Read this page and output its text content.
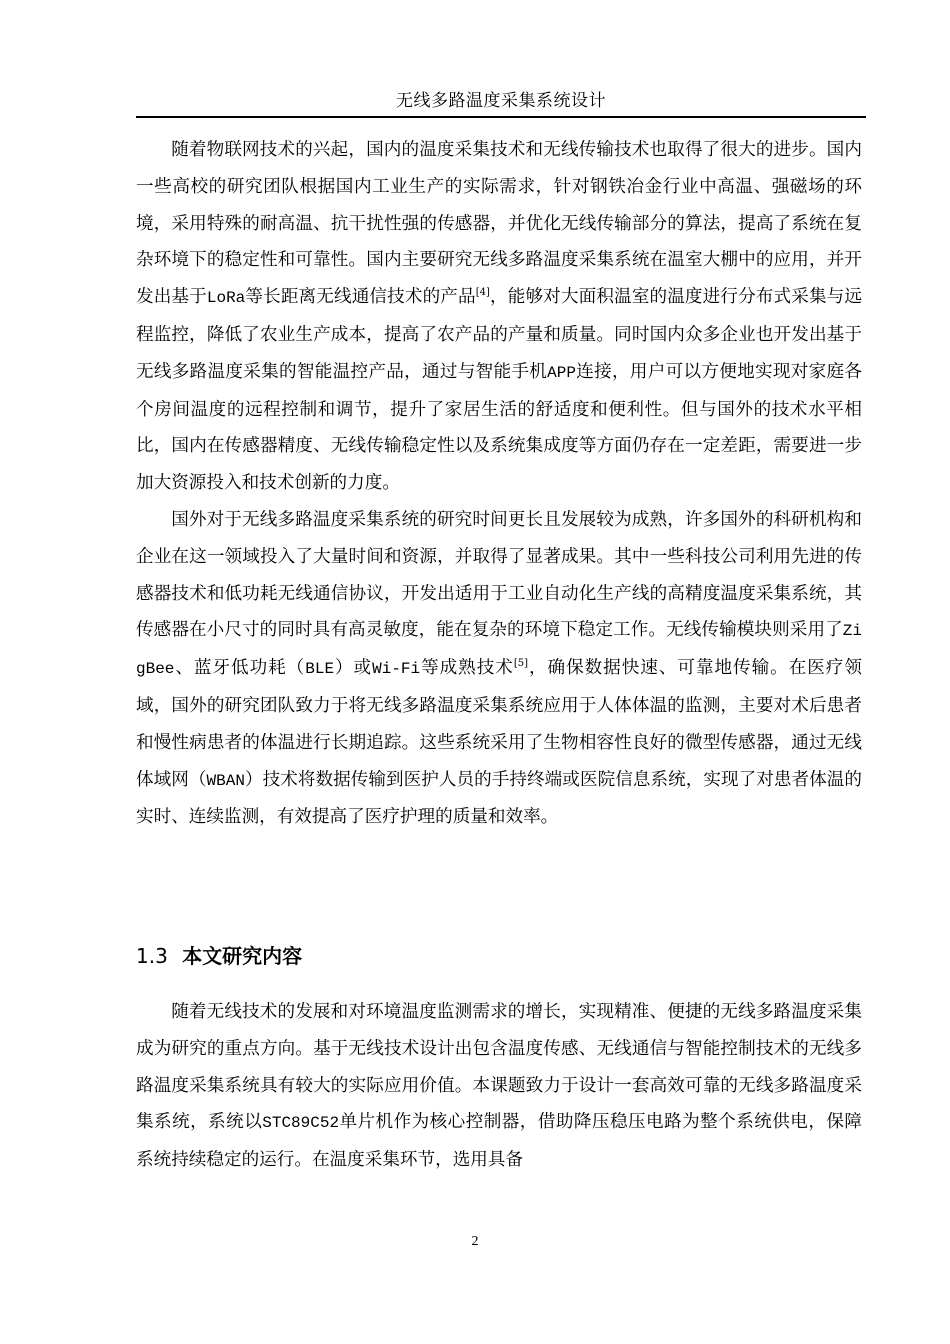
无线多路温度采集系统设计

随着物联网技术的兴起，国内的温度采集技术和无线传输技术也取得了很大的进步。国内一些高校的研究团队根据国内工业生产的实际需求，针对钢铁冶金行业中高温、强磁场的环境，采用特殊的耐高温、抗干扰性强的传感器，并优化无线传输部分的算法，提高了系统在复杂环境下的稳定性和可靠性。国内主要研究无线多路温度采集系统在温室大棚中的应用，并开发出基于LoRa等长距离无线通信技术的产品[4]，能够对大面积温室的温度进行分布式采集与远程监控，降低了农业生产成本，提高了农产品的产量和质量。同时国内众多企业也开发出基于无线多路温度采集的智能温控产品，通过与智能手机APP连接，用户可以方便地实现对家庭各个房间温度的远程控制和调节，提升了家居生活的舒适度和便利性。但与国外的技术水平相比，国内在传感器精度、无线传输稳定性以及系统集成度等方面仍存在一定差距，需要进一步加大资源投入和技术创新的力度。

国外对于无线多路温度采集系统的研究时间更长且发展较为成熟，许多国外的科研机构和企业在这一领域投入了大量时间和资源，并取得了显著成果。其中一些科技公司利用先进的传感器技术和低功耗无线通信协议，开发出适用于工业自动化生产线的高精度温度采集系统，其传感器在小尺寸的同时具有高灵敏度，能在复杂的环境下稳定工作。无线传输模块则采用了ZigBee、蓝牙低功耗（BLE）或Wi-Fi等成熟技术[5]，确保数据快速、可靠地传输。在医疗领域，国外的研究团队致力于将无线多路温度采集系统应用于人体体温的监测，主要对术后患者和慢性病患者的体温进行长期追踪。这些系统采用了生物相容性良好的微型传感器，通过无线体域网（WBAN）技术将数据传输到医护人员的手持终端或医院信息系统，实现了对患者体温的实时、连续监测，有效提高了医疗护理的质量和效率。

1.3 本文研究内容

随着无线技术的发展和对环境温度监测需求的增长，实现精准、便捷的无线多路温度采集成为研究的重点方向。基于无线技术设计出包含温度传感、无线通信与智能控制技术的无线多路温度采集系统具有较大的实际应用价值。本课题致力于设计一套高效可靠的无线多路温度采集系统，系统以STC89C52单片机作为核心控制器，借助降压稳压电路为整个系统供电，保障系统持续稳定的运行。在温度采集环节，选用具备

2
